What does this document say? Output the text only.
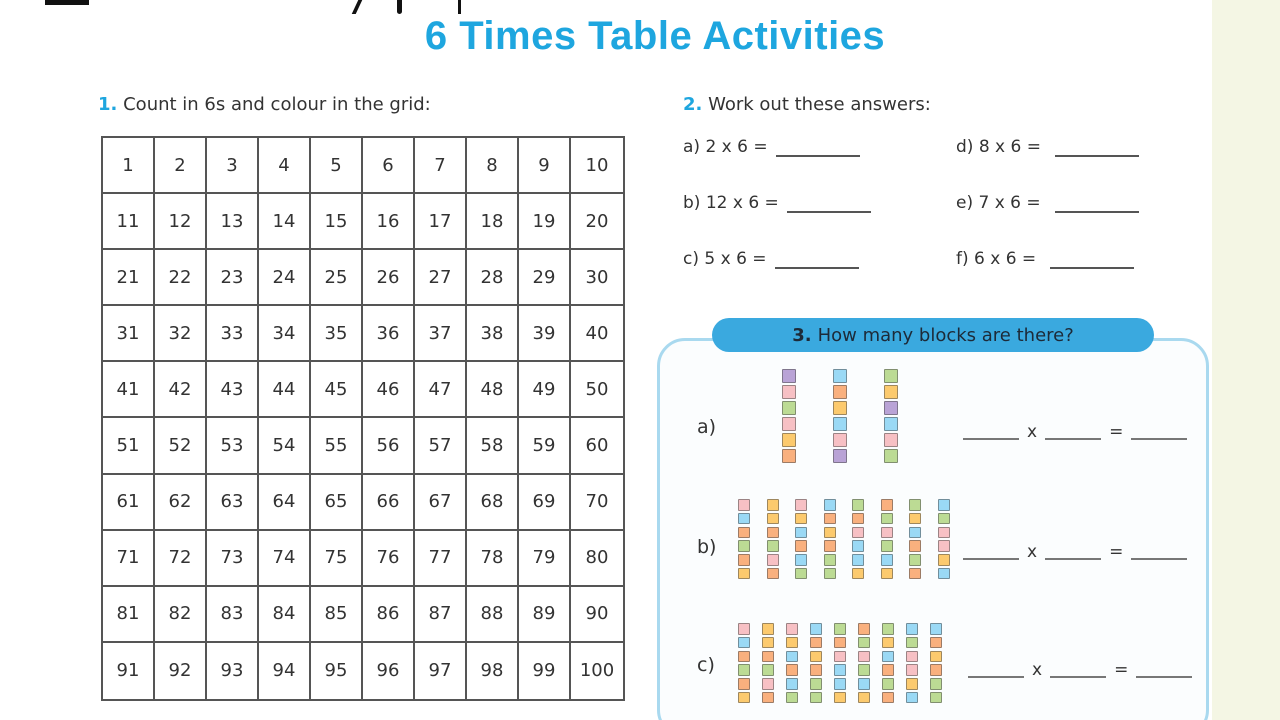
6 Times Table Activities
1. Count in 6s and colour in the grid:
1	2	3	4	5	6	7	8	9	10
11	12	13	14	15	16	17	18	19	20
21	22	23	24	25	26	27	28	29	30
31	32	33	34	35	36	37	38	39	40
41	42	43	44	45	46	47	48	49	50
51	52	53	54	55	56	57	58	59	60
61	62	63	64	65	66	67	68	69	70
71	72	73	74	75	76	77	78	79	80
81	82	83	84	85	86	87	88	89	90
91	92	93	94	95	96	97	98	99	100
2. Work out these answers:
a) 2 x 6 =
b) 12 x 6 =
c) 5 x 6 =
d) 8 x 6 =
e) 7 x 6 =
f) 6 x 6 =
3. How many blocks are there?
a)	x	=
b)	x	=
c)	x	=
